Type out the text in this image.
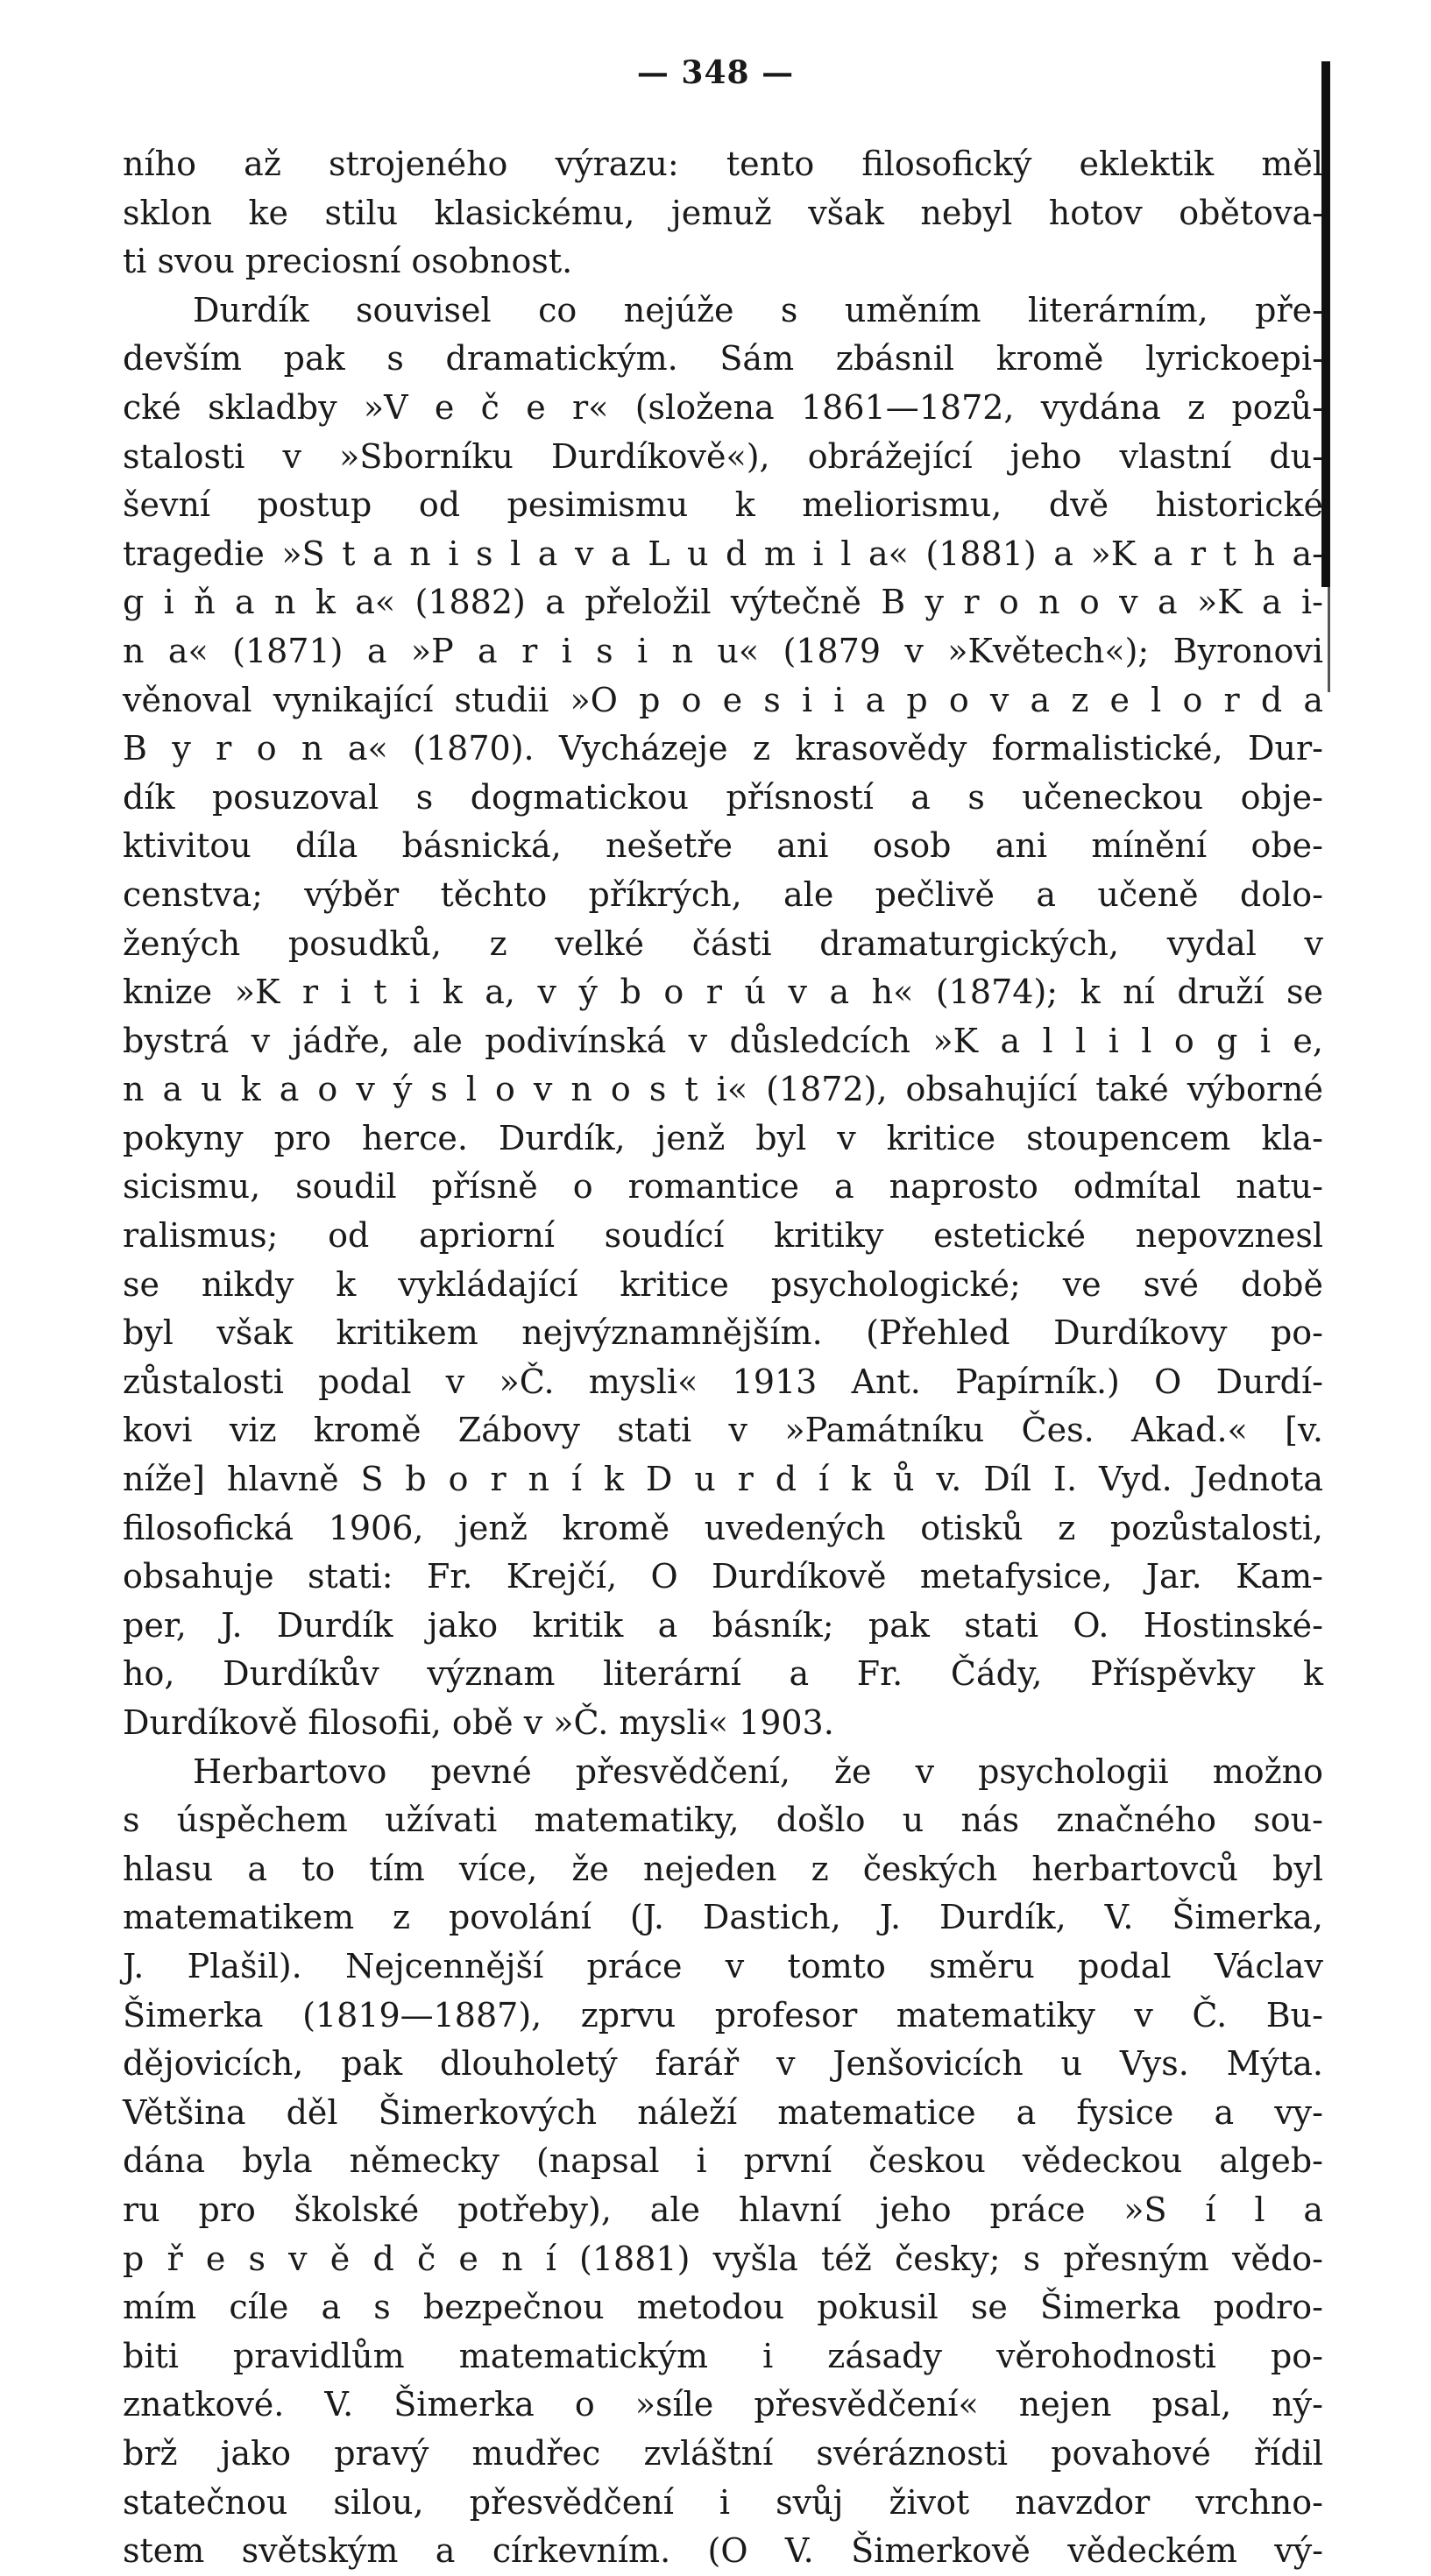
— 348 —
ního až strojeného výrazu: tento filosofický eklektik měl
sklon ke stilu klasickému, jemuž však nebyl hotov obětova-
ti svou preciosní osobnost.
Durdík souvisel co nejúže s uměním literárním, pře-
devším pak s dramatickým. Sám zbásnil kromě lyrickoepi-
cké skladby »V e č e r« (složena 1861—1872, vydána z pozů-
stalosti v »Sborníku Durdíkově«), obrážející jeho vlastní du-
ševní postup od pesimismu k meliorismu, dvě historické
tragedie »S t a n i s l a v a L u d m i l a« (1881) a »K a r t h a-
g i ň a n k a« (1882) a přeložil výtečně B y r o n o v a »K a i-
n a« (1871) a »P a r i s i n u« (1879 v »Květech«); Byronovi
věnoval vynikající studii »O p o e s i i a p o v a z e l o r d a
B y r o n a« (1870). Vycházeje z krasovědy formalistické, Dur-
dík posuzoval s dogmatickou přísností a s učeneckou obje-
ktivitou díla básnická, nešetře ani osob ani mínění obe-
censtva; výběr těchto příkrých, ale pečlivě a učeně dolo-
žených posudků, z velké části dramaturgických, vydal v
knize »K r i t i k a, v ý b o r ú v a h« (1874); k ní druží se
bystrá v jádře, ale podivínská v důsledcích »K a l l i l o g i e,
n a u k a o v ý s l o v n o s t i« (1872), obsahující také výborné
pokyny pro herce. Durdík, jenž byl v kritice stoupencem kla-
sicismu, soudil přísně o romantice a naprosto odmítal natu-
ralismus; od apriorní soudící kritiky estetické nepovznesl
se nikdy k vykládající kritice psychologické; ve své době
byl však kritikem nejvýznamnějším. (Přehled Durdíkovy po-
zůstalosti podal v »Č. mysli« 1913 Ant. Papírník.) O Durdí-
kovi viz kromě Zábovy stati v »Památníku Čes. Akad.« [v.
níže] hlavně S b o r n í k D u r d í k ů v. Díl I. Vyd. Jednota
filosofická 1906, jenž kromě uvedených otisků z pozůstalosti,
obsahuje stati: Fr. Krejčí, O Durdíkově metafysice, Jar. Kam-
per, J. Durdík jako kritik a básník; pak stati O. Hostinské-
ho, Durdíkův význam literární a Fr. Čády, Příspěvky k
Durdíkově filosofii, obě v »Č. mysli« 1903.
Herbartovo pevné přesvědčení, že v psychologii možno
s úspěchem užívati matematiky, došlo u nás značného sou-
hlasu a to tím více, že nejeden z českých herbartovců byl
matematikem z povolání (J. Dastich, J. Durdík, V. Šimerka,
J. Plašil). Nejcennější práce v tomto směru podal Václav
Šimerka (1819—1887), zprvu profesor matematiky v Č. Bu-
dějovicích, pak dlouholetý farář v Jenšovicích u Vys. Mýta.
Většina děl Šimerkových náleží matematice a fysice a vy-
dána byla německy (napsal i první českou vědeckou algeb-
ru pro školské potřeby), ale hlavní jeho práce »S í l a
p ř e s v ě d č e n í (1881) vyšla též česky; s přesným vědo-
mím cíle a s bezpečnou metodou pokusil se Šimerka podro-
biti pravidlům matematickým i zásady věrohodnosti po-
znatkové. V. Šimerka o »síle přesvědčení« nejen psal, ný-
brž jako pravý mudřec zvláštní svéráznosti povahové řídil
statečnou silou, přesvědčení i svůj život navzdor vrchno-
stem světským a církevním. (O V. Šimerkově vědeckém vý-
